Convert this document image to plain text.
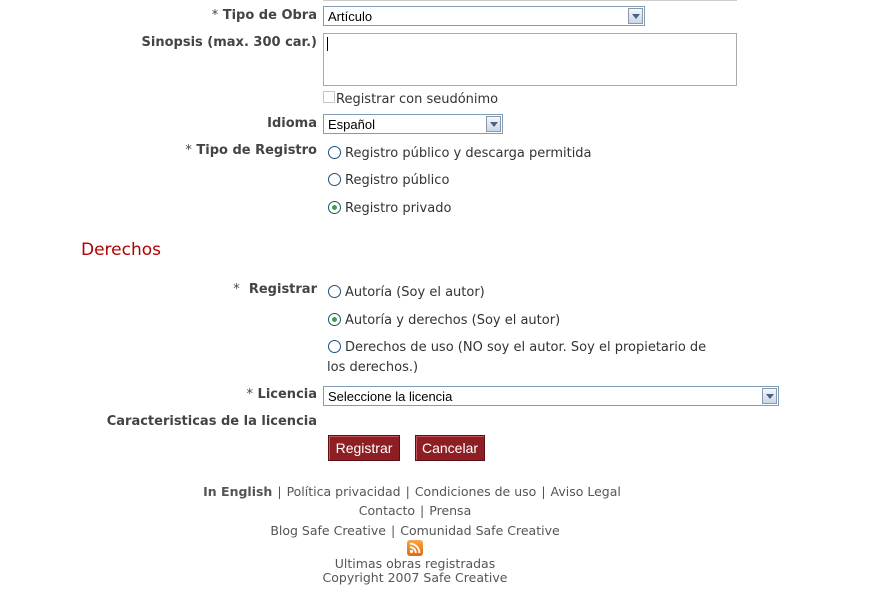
* Tipo de Obra Artículo
Sinopsis (max. 300 car.)
Registrar con seudónimo
Idioma Español
* Tipo de Registro Registro público y descarga permitida
Registro público
Registro privado
Derechos
* Registrar Autoría (Soy el autor)
Autoría y derechos (Soy el autor)
Derechos de uso (NO soy el autor. Soy el propietario de
los derechos.)
* Licencia Seleccione la licencia
Caracteristicas de la licencia
Registrar	Cancelar
In English | Política privacidad | Condiciones de uso | Aviso Legal
Contacto | Prensa
Blog Safe Creative | Comunidad Safe Creative
Ultimas obras registradas
Copyright 2007 Safe Creative
